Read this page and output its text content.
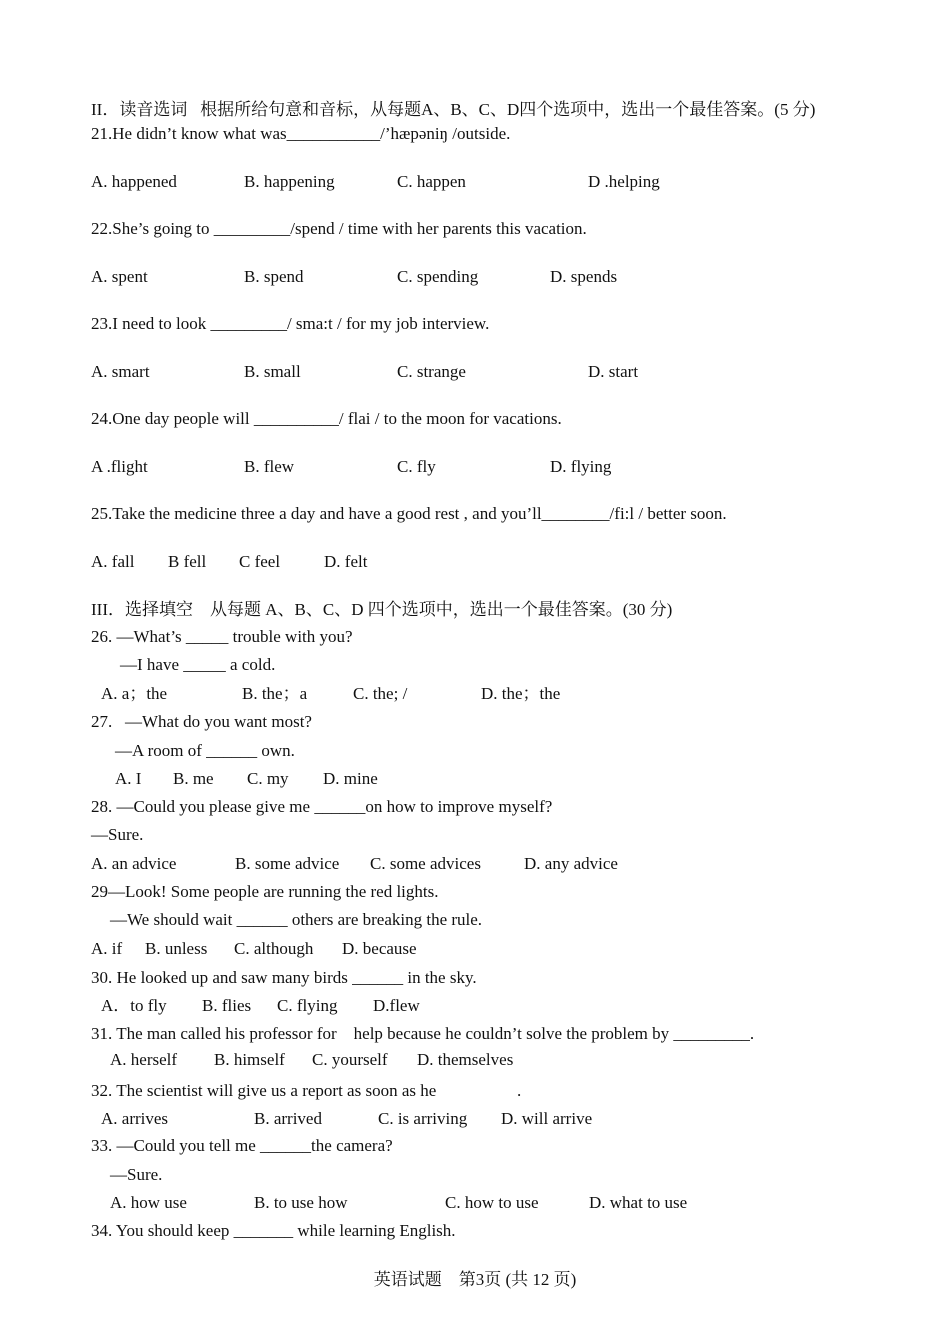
II．读音选词   根据所给句意和音标，从每题A、B、C、D四个选项中，选出一个最佳答案。(5 分)
21.He didn’t know what was___________/’hæpəniŋ /outside.
A. happened	B. happening	C. happen	D .helping
22.She’s going to _________/spend / time with her parents this vacation.
A. spent	B. spend	C. spending	D. spends
23.I need to look _________/ sma:t / for my job interview.
A. smart	B. small	C. strange	D. start
24.One day people will __________/ flai / to the moon for vacations.
A .flight	B. flew	C. fly	D. flying
25.Take the medicine three a day and have a good rest , and you’ll________/fi:l / better soon.
A. fall B fell C feel	D. felt
III．选择填空    从每题 A、B、C、D 四个选项中，选出一个最佳答案。(30 分)
26. —What’s _____ trouble with you?
—I have _____ a cold.
A. a；the	B. the；a	C. the; /	D. the；the
27.   —What do you want most?
—A room of ______ own.
A. I B. me C. my D. mine
28. —Could you please give me ______on how to improve myself?
—Sure.
A. an advice	B. some advice C. some advices	D. any advice
29—Look! Some people are running the red lights.
—We should wait ______ others are breaking the rule.
A. if B. unless C. although D. because
30. He looked up and saw many birds ______ in the sky.
A．to fly B. flies C. flying D.flew
31. The man called his professor for    help because he couldn’t solve the problem by _________.
A. herself B. himself C. yourself D. themselves
32. The scientist will give us a report as soon as he                   .
A. arrives	B. arrived	C. is arriving D. will arrive
33. —Could you tell me ______the camera?
—Sure.
A. how use	B. to use how	C. how to use	D. what to use
34. You should keep _______ while learning English.
英语试题    第3页 (共 12 页)
